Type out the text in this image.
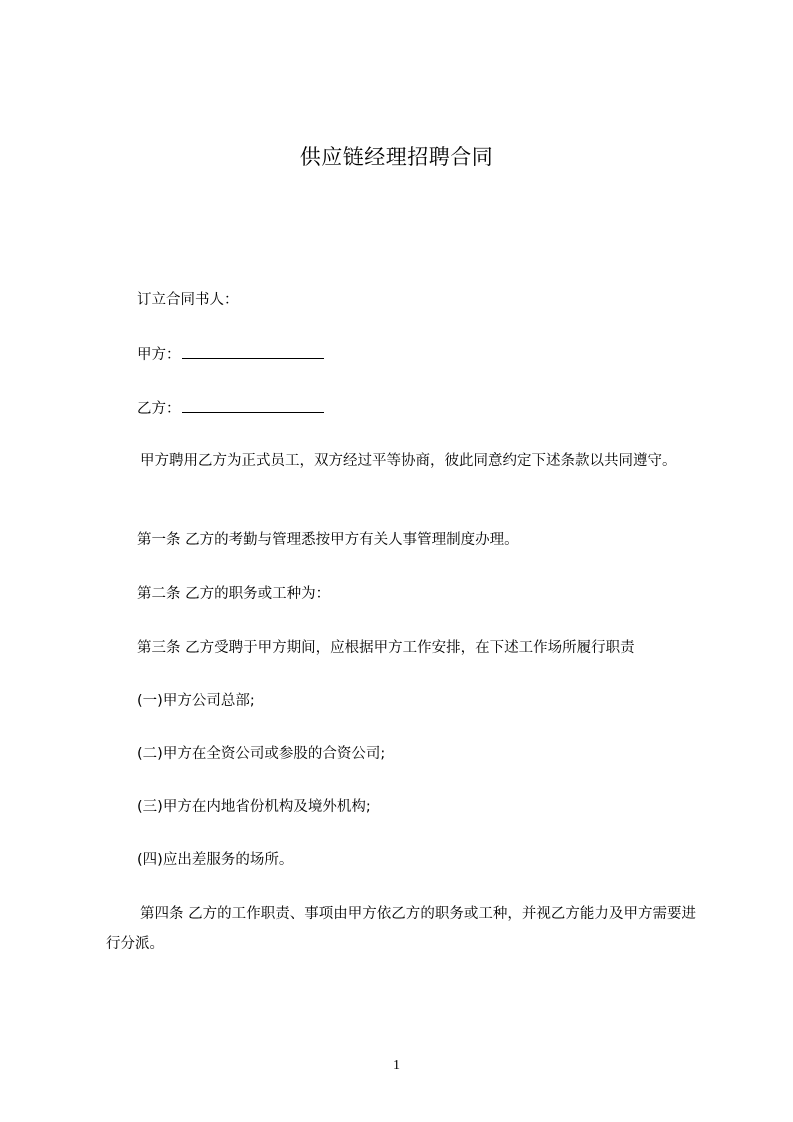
供应链经理招聘合同
订立合同书人：
甲方：
乙方：
甲方聘用乙方为正式员工，双方经过平等协商，彼此同意约定下述条款以共同遵守。
第一条 乙方的考勤与管理悉按甲方有关人事管理制度办理。
第二条 乙方的职务或工种为：
第三条 乙方受聘于甲方期间，应根据甲方工作安排，在下述工作场所履行职责
(一)甲方公司总部;
(二)甲方在全资公司或参股的合资公司;
(三)甲方在内地省份机构及境外机构;
(四)应出差服务的场所。
第四条 乙方的工作职责、事项由甲方依乙方的职务或工种，并视乙方能力及甲方需要进行分派。
1
